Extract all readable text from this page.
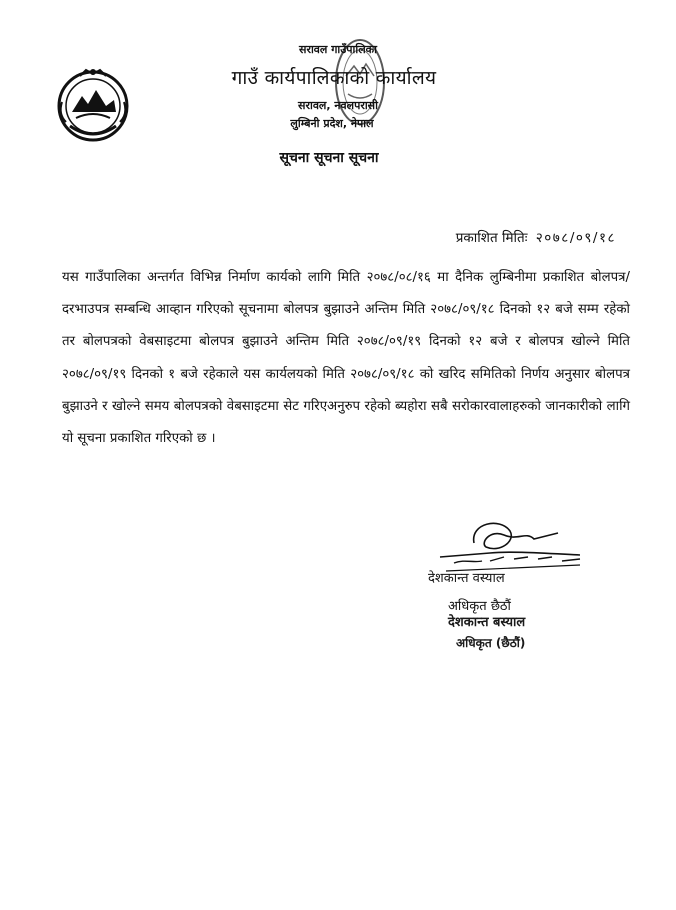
सरावल गाउँपालिका
गाउँ कार्यपालिकाको कार्यालय
सरावल, नवलपरासी
लुम्बिनी प्रदेश, नेपाल
सूचना सूचना सूचना
प्रकाशित मितिः २०७८/०९/१८
यस गाउँपालिका अन्तर्गत विभिन्न निर्माण कार्यको लागि मिति २०७८/०८/१६ मा दैनिक लुम्बिनीमा प्रकाशित बोलपत्र/दरभाउपत्र सम्बन्धि आव्हान गरिएको सूचनामा बोलपत्र बुझाउने अन्तिम मिति २०७८/०९/१८ दिनको १२ बजे सम्म रहेको तर बोलपत्रको वेबसाइटमा बोलपत्र बुझाउने अन्तिम मिति २०७८/०९/१९ दिनको १२ बजे र बोलपत्र खोल्ने मिति २०७८/०९/१९ दिनको १ बजे रहेकाले यस कार्यलयको मिति २०७८/०९/१८ को खरिद समितिको निर्णय अनुसार बोलपत्र बुझाउने र खोल्ने समय बोलपत्रको वेबसाइटमा सेट गरिएअनुरुप रहेको ब्यहोरा सबै सरोकारवालाहरुको जानकारीको लागि यो सूचना प्रकाशित गरिएको छ ।
देशकान्त वस्याल
अधिकृत छैठौं
देशकान्त बस्याल
अधिकृत (छैठौं)
